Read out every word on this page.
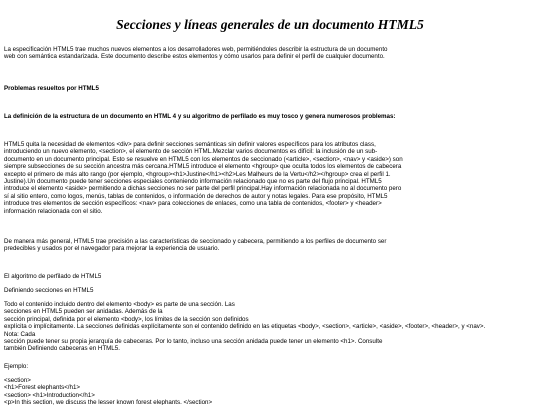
Secciones y líneas generales de un documento HTML5
La especificación HTML5 trae muchos nuevos elementos a los desarrolladores web, permitiéndoles describir la estructura de un documento
web con semántica estandarizada. Este documento describe estos elementos y cómo usarlos para definir el perfil de cualquier documento.
Problemas resueltos por HTML5
La definición de la estructura de un documento en HTML 4 y su algoritmo de perfilado es muy tosco y genera numerosos problemas:
HTML5 quita la necesidad de elementos <div> para definir secciones semánticas sin definir valores específicos para los atributos class,
introduciendo un nuevo elemento, <section>, el elemento de sección HTML.Mezclar varios documentos es difícil: la inclusión de un sub-
documento en un documento principal. Esto se resuelve en HTML5 con los elementos de seccionado (<article>, <section>, <nav> y <aside>) son
siempre subsecciones de su sección ancestra más cercana.HTML5 introduce el elemento <hgroup> que oculta todos los elementos de cabecera
excepto el primero de más alto rango (por ejemplo, <hgroup><h1>Justine</h1><h2>Les Malheurs de la Vertu</h2></hgroup> crea el perfil 1.
Justine).Un documento puede tener secciones especiales conteniendo información relacionado que no es parte del flujo principal. HTML5
introduce el elemento <aside> permitiendo a dichas secciones no ser parte del perfil principal.Hay información relacionada no al documento pero
sí al sitio entero, como logos, menús, tablas de contenidos, o información de derechos de autor y notas legales. Para ese propósito, HTML5
introduce tres elementos de sección específicos: <nav> para colecciones de enlaces, como una tabla de contenidos, <footer> y <header>
información relacionada con el sitio.
De manera más general, HTML5 trae precisión a las características de seccionado y cabecera, permitiendo a los perfiles de documento ser
predecibles y usados por el navegador para mejorar la experiencia de usuario.
El algoritmo de perfilado de HTML5
Definiendo secciones en HTML5
Todo el contenido incluido dentro del elemento <body> es parte de una sección. Las
secciones en HTML5 pueden ser anidadas. Además de la
sección principal, definida por el elemento <body>, los límites de la sección son definidos
explícita o implícitamente. La secciones definidas explícitamente son el contenido definido en las etiquetas <body>, <section>, <article>, <aside>, <footer>, <header>, y <nav>.
Nota: Cada
sección puede tener su propia jerarquía de cabeceras. Por lo tanto, incluso una sección anidada puede tener un elemento <h1>. Consulte
también Definiendo cabeceras en HTML5.
Ejemplo:
<section>
<h1>Forest elephants</h1>
<section> <h1>Introduction</h1>
<p>In this section, we discuss the lesser known forest elephants. </section>
